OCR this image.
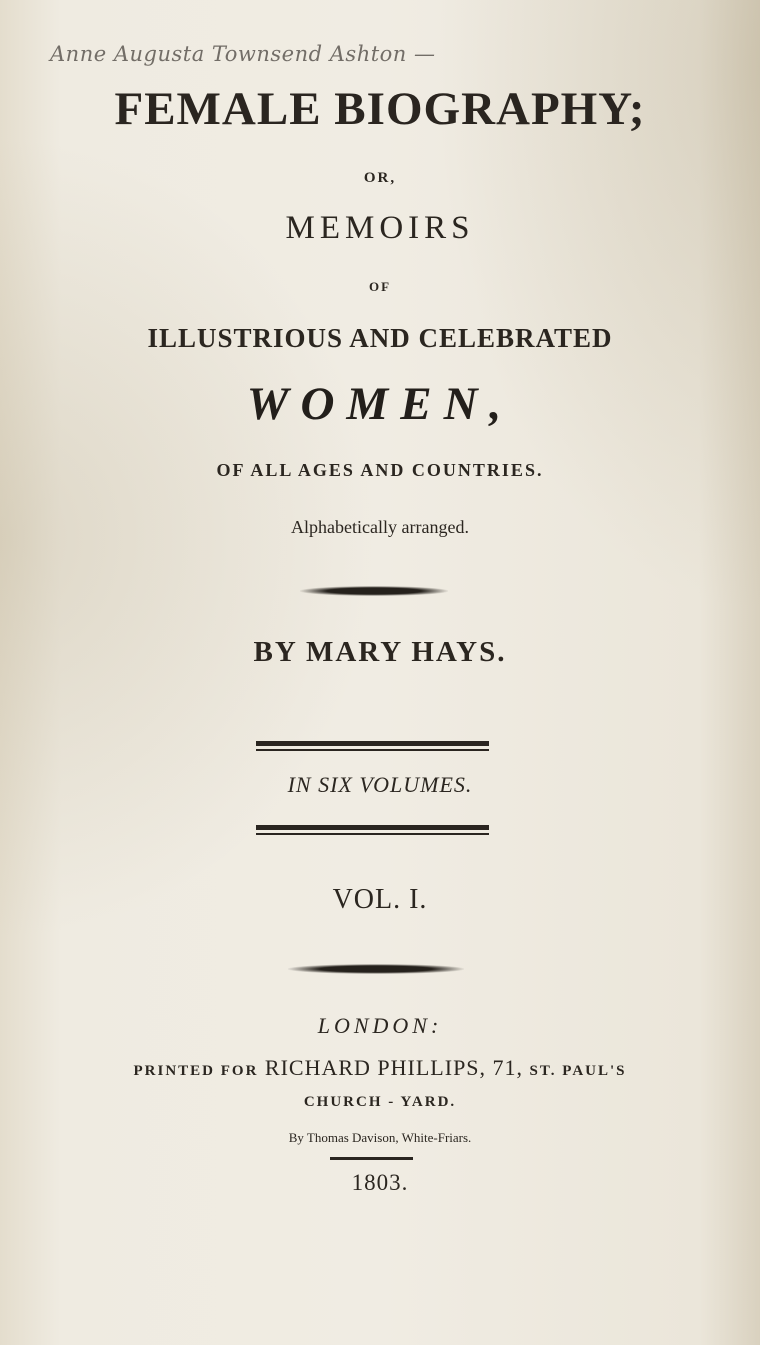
Anne Augusta Townsend Ashton —
FEMALE BIOGRAPHY;
OR,
MEMOIRS
OF
ILLUSTRIOUS AND CELEBRATED
WOMEN,
OF ALL AGES AND COUNTRIES.
Alphabetically arranged.
BY MARY HAYS.
IN SIX VOLUMES.
VOL. I.
LONDON:
PRINTED FOR RICHARD PHILLIPS, 71, ST. PAUL'S
CHURCH - YARD.
By Thomas Davison, White-Friars.
1803.
